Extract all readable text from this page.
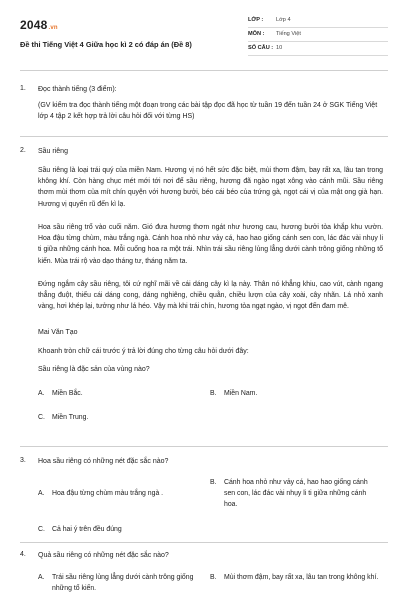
2048.vn
Đề thi Tiếng Việt 4 Giữa học kì 2 có đáp án (Đề 8)
LỚP :	Lớp 4
MÔN :	Tiếng Việt
SỐ CÂU : 10
1. Đọc thành tiếng (3 điểm):
(GV kiểm tra đọc thành tiếng một đoạn trong các bài tập đọc đã học từ tuần 19 đến tuần 24 ở SGK Tiếng Việt lớp 4 tập 2 kết hợp trả lời câu hỏi đối với từng HS)
2. Sầu riêng
Sầu riêng là loại trái quý của miền Nam. Hương vị nó hết sức đặc biệt, mùi thơm đậm, bay rất xa, lâu tan trong không khí. Còn hàng chục mét mới tới nơi để sầu riêng, hương đã ngào ngạt xông vào cánh mũi. Sầu riêng thơm mùi thơm của mít chín quyện với hương bưởi, béo cái béo của trứng gà, ngọt cái vị của mật ong già hạn. Hương vị quyến rũ đến kì lạ.
Hoa sầu riêng trổ vào cuối năm. Gió đưa hương thơm ngát như hương cau, hương bưởi tỏa khắp khu vườn. Hoa đậu từng chùm, màu trắng ngà. Cánh hoa nhỏ như vảy cá, hao hao giống cánh sen con, lác đác vài nhụy li ti giữa những cánh hoa. Mỗi cuống hoa ra một trái. Nhìn trái sầu riêng lủng lẳng dưới cành trông giống những tổ kiến. Mùa trái rộ vào dạo tháng tư, tháng năm ta.
Đứng ngắm cây sầu riêng, tôi cứ nghĩ mãi về cái dáng cây kì lạ này. Thân nó khẳng khiu, cao vút, cành ngang thẳng đuột, thiếu cái dáng cong, dáng nghiêng, chiều quằn, chiều lượn của cây xoài, cây nhãn. Lá nhỏ xanh vàng, hơi khép lại, tưởng như lá héo. Vậy mà khi trái chín, hương tỏa ngạt ngào, vị ngọt đến đam mê.
Mai Văn Tạo
Khoanh tròn chữ cái trước ý trả lời đúng cho từng câu hỏi dưới đây:
Sầu riêng là đặc sản của vùng nào?
A.	Miền Bắc.	B.	Miền Nam.
C.	Miền Trung.
3. Hoa sầu riêng có những nét đặc sắc nào?
A.	Hoa đậu từng chùm màu trắng ngà .
B.	Cánh hoa nhỏ như vảy cá, hao hao giống cánh sen con, lác đác vài nhụy li ti giữa những cánh hoa.
C.	Cả hai ý trên đều đúng
4. Quả sầu riêng có những nét đặc sắc nào?
A.	Trái sầu riêng lủng lẳng dưới cành trông giống những tổ kiến.
B.	Mùi thơm đậm, bay rất xa, lâu tan trong không khí.
